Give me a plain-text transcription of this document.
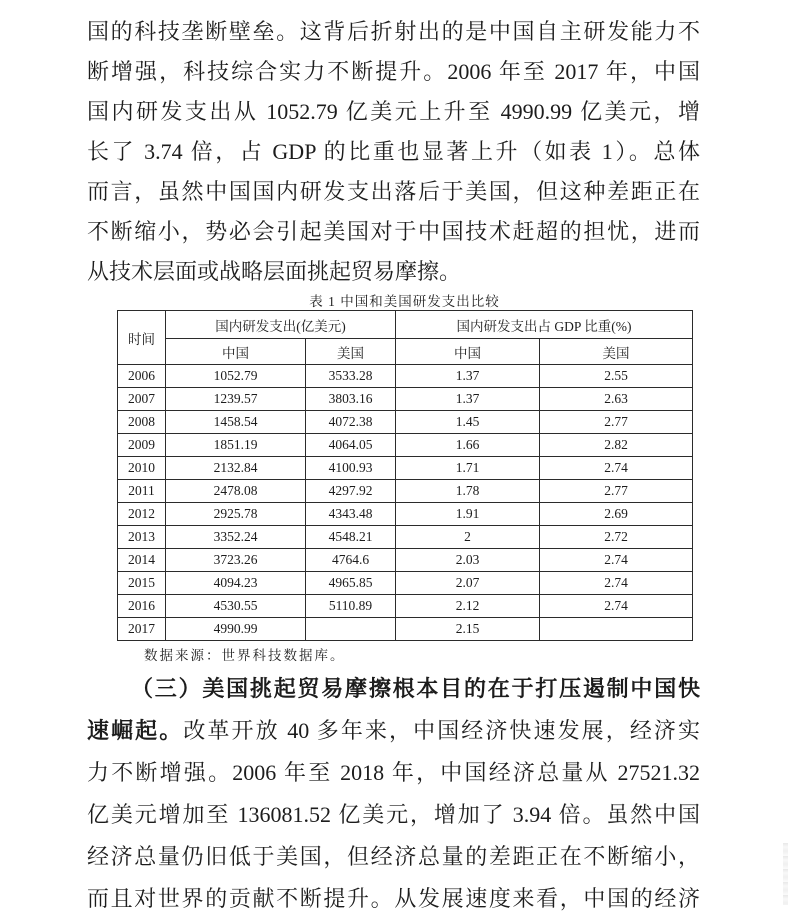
国的科技垄断壁垒。这背后折射出的是中国自主研发能力不
断增强，科技综合实力不断提升。2006 年至 2017 年，中国
国内研发支出从 1052.79 亿美元上升至 4990.99 亿美元，增
长了 3.74 倍，占 GDP 的比重也显著上升（如表 1）。总体
而言，虽然中国国内研发支出落后于美国，但这种差距正在
不断缩小，势必会引起美国对于中国技术赶超的担忧，进而
从技术层面或战略层面挑起贸易摩擦。
表 1 中国和美国研发支出比较
时间	国内研发支出(亿美元)		国内研发支出占 GDP 比重(%)	
	中国	美国	中国	美国
2006	1052.79	3533.28	1.37	2.55
2007	1239.57	3803.16	1.37	2.63
2008	1458.54	4072.38	1.45	2.77
2009	1851.19	4064.05	1.66	2.82
2010	2132.84	4100.93	1.71	2.74
2011	2478.08	4297.92	1.78	2.77
2012	2925.78	4343.48	1.91	2.69
2013	3352.24	4548.21	2	2.72
2014	3723.26	4764.6	2.03	2.74
2015	4094.23	4965.85	2.07	2.74
2016	4530.55	5110.89	2.12	2.74
2017	4990.99		2.15	
数据来源：世界科技数据库。
（三）美国挑起贸易摩擦根本目的在于打压遏制中国快
速崛起。改革开放 40 多年来，中国经济快速发展，经济实
力不断增强。2006 年至 2018 年，中国经济总量从 27521.32
亿美元增加至 136081.52 亿美元，增加了 3.94 倍。虽然中国
经济总量仍旧低于美国，但经济总量的差距正在不断缩小，
而且对世界的贡献不断提升。从发展速度来看，中国的经济
